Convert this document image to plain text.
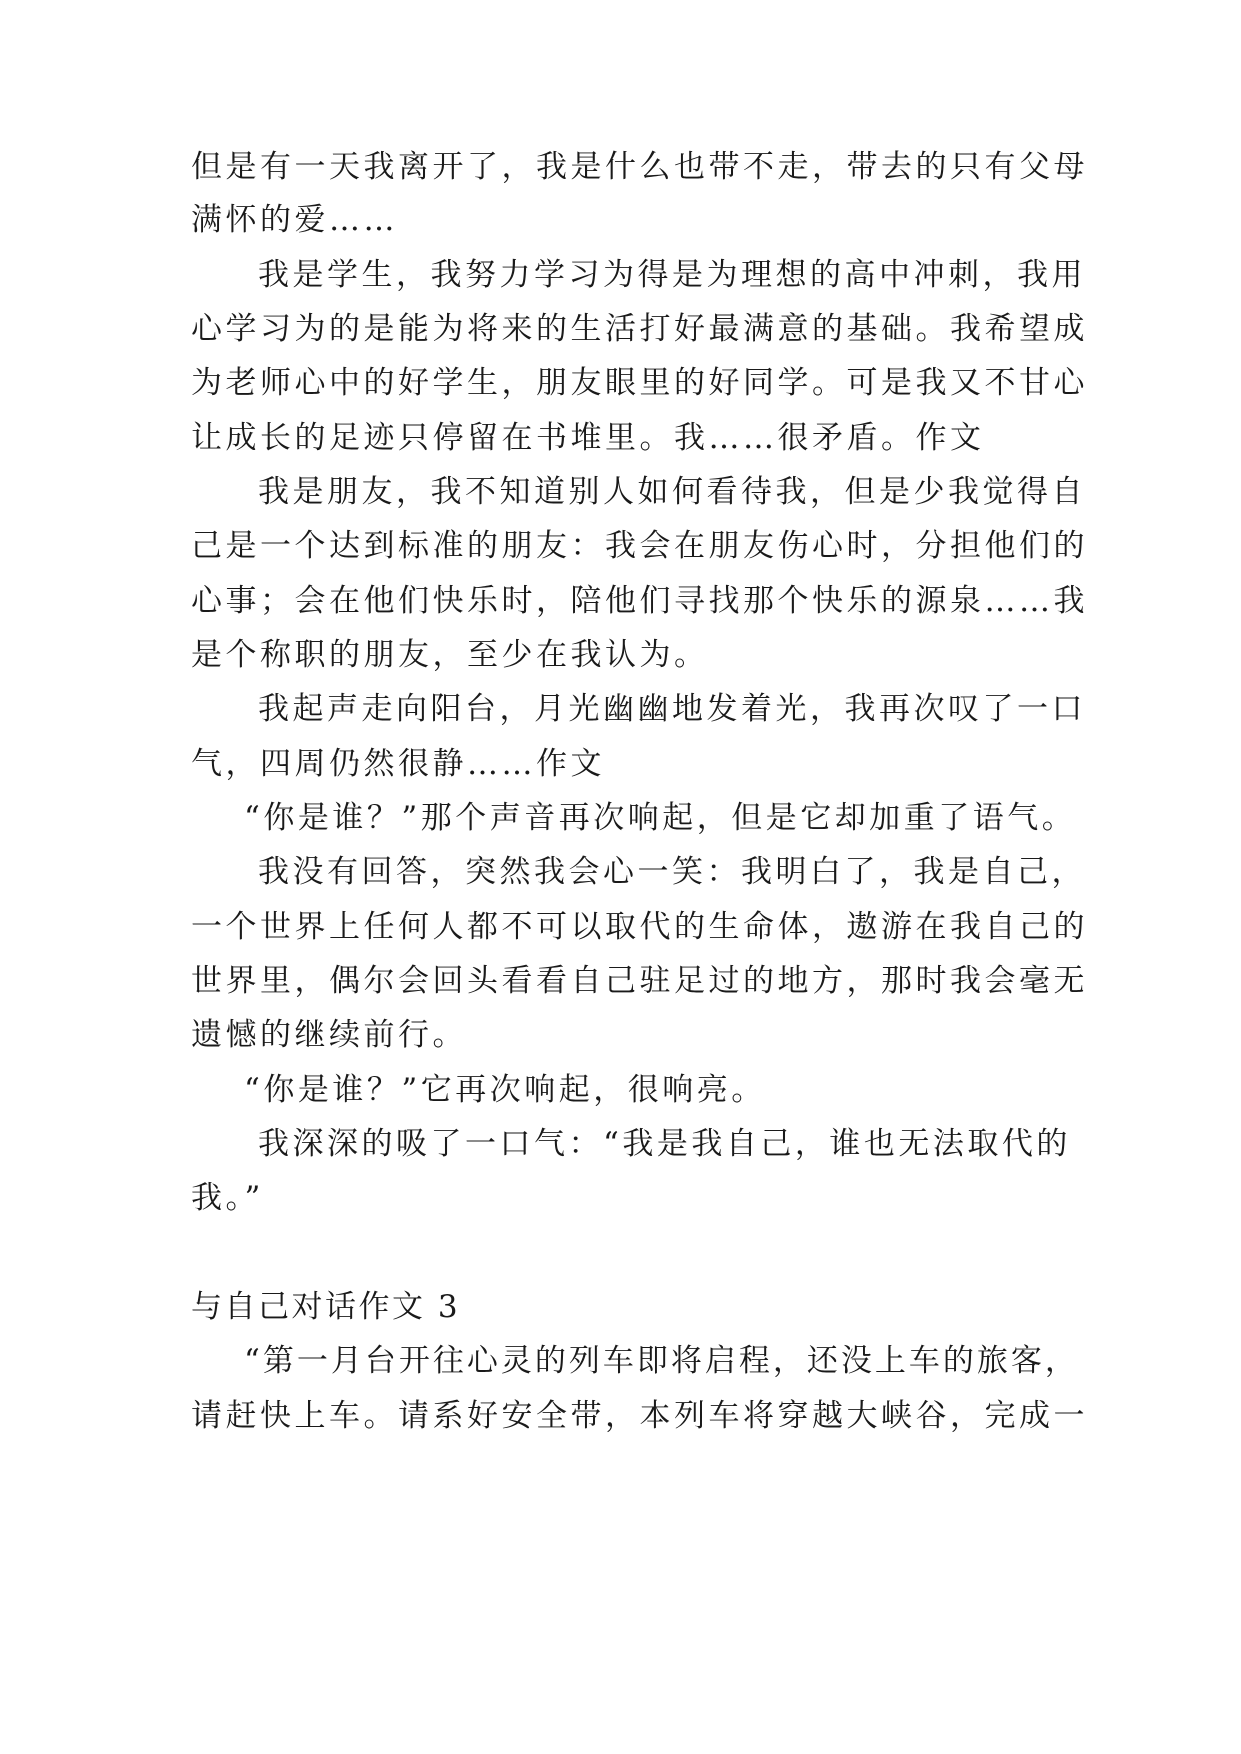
但是有一天我离开了，我是什么也带不走，带去的只有父母

满怀的爱……

我是学生，我努力学习为得是为理想的高中冲刺，我用

心学习为的是能为将来的生活打好最满意的基础。我希望成

为老师心中的好学生，朋友眼里的好同学。可是我又不甘心

让成长的足迹只停留在书堆里。我……很矛盾。作文

我是朋友，我不知道别人如何看待我，但是少我觉得自

己是一个达到标准的朋友：我会在朋友伤心时，分担他们的

心事；会在他们快乐时，陪他们寻找那个快乐的源泉……我

是个称职的朋友，至少在我认为。

我起声走向阳台，月光幽幽地发着光，我再次叹了一口

气，四周仍然很静……作文

“你是谁？”那个声音再次响起，但是它却加重了语气。

我没有回答，突然我会心一笑：我明白了，我是自己，

一个世界上任何人都不可以取代的生命体，遨游在我自己的

世界里，偶尔会回头看看自己驻足过的地方，那时我会毫无

遗憾的继续前行。

“你是谁？”它再次响起，很响亮。

我深深的吸了一口气：“我是我自己，谁也无法取代的

我。”

与自己对话作文 3

“第一月台开往心灵的列车即将启程，还没上车的旅客，

请赶快上车。请系好安全带，本列车将穿越大峡谷，完成一
